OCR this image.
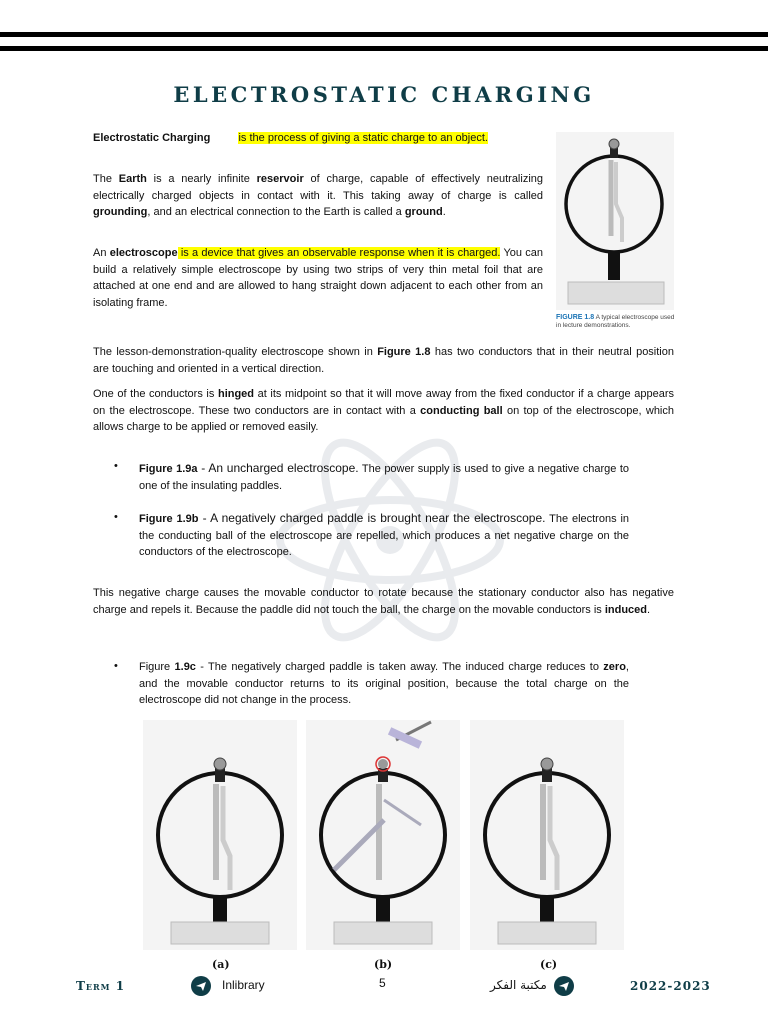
ELECTROSTATIC CHARGING
Electrostatic Charging	is the process of giving a static charge to an object.
The Earth is a nearly infinite reservoir of charge, capable of effectively neutralizing electrically charged objects in contact with it. This taking away of charge is called grounding, and an electrical connection to the Earth is called a ground.
An electroscope is a device that gives an observable response when it is charged. You can build a relatively simple electroscope by using two strips of very thin metal foil that are attached at one end and are allowed to hang straight down adjacent to each other from an isolating frame.
FIGURE 1.8 A typical electroscope used in lecture demonstrations.
The lesson-demonstration-quality electroscope shown in Figure 1.8 has two conductors that in their neutral position are touching and oriented in a vertical direction.
One of the conductors is hinged at its midpoint so that it will move away from the fixed conductor if a charge appears on the electroscope. These two conductors are in contact with a conducting ball on top of the electroscope, which allows charge to be applied or removed easily.
• Figure 1.9a - An uncharged electroscope. The power supply is used to give a negative charge to one of the insulating paddles.
• Figure 1.9b - A negatively charged paddle is brought near the electroscope. The electrons in the conducting ball of the electroscope are repelled, which produces a net negative charge on the conductors of the electroscope.
This negative charge causes the movable conductor to rotate because the stationary conductor also has negative charge and repels it. Because the paddle did not touch the ball, the charge on the movable conductors is induced.
• Figure 1.9c - The negatively charged paddle is taken away. The induced charge reduces to zero, and the movable conductor returns to its original position, because the total charge on the electroscope did not change in the process.
(a)	(b)	(c)
Term 1	Inlibrary	5	مكتبة الفكر	2022-2023
